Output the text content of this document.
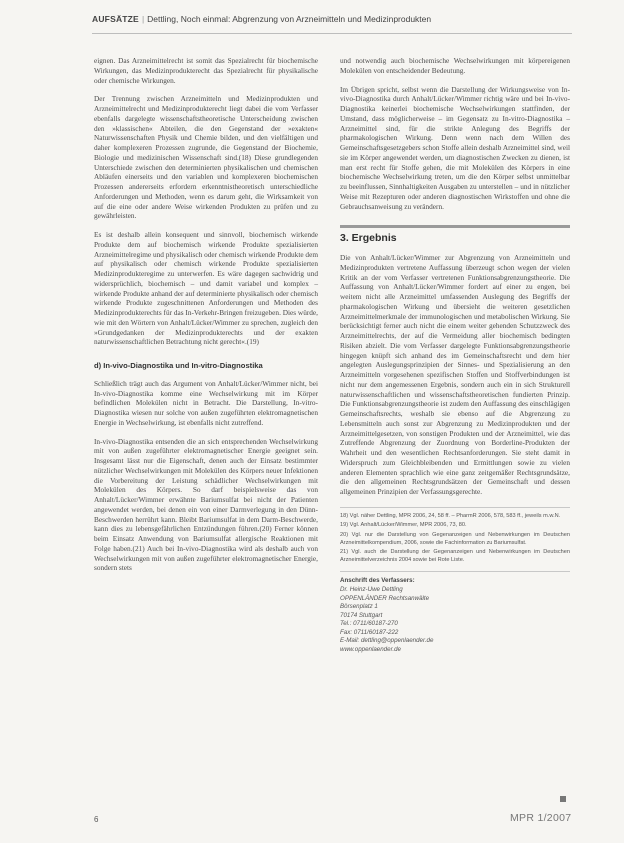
AUFSÄTZE | Dettling, Noch einmal: Abgrenzung von Arzneimitteln und Medizinprodukten

eignen. Das Arzneimittelrecht ist somit das Spezialrecht für biochemische Wirkungen, das Medizinprodukterecht das Spezialrecht für physikalische oder chemische Wirkungen.

Der Trennung zwischen Arzneimitteln und Medizinprodukten und Arzneimittelrecht und Medizinprodukterecht liegt dabei die vom Verfasser ebenfalls dargelegte wissenschaftstheoretische Unterscheidung zwischen den »klassischen« Abteilen, die den Gegenstand der »exakten« Naturwissenschaften Physik und Chemie bilden, und den vielfältigen und daher komplexeren Prozessen zugrunde, die Gegenstand der Biochemie, Biologie und medizinischen Wissenschaft sind.(18) Diese grundlegenden Unterschiede zwischen den determinierten physikalischen und chemischen Abläufen einerseits und den variablen und komplexeren biochemischen Prozessen andererseits erfordern erkenntnistheoretisch unterschiedliche Anforderungen und Methoden, wenn es darum geht, die Wirksamkeit von auf die eine oder andere Weise wirkenden Produkten zu prüfen und zu gewährleisten.

Es ist deshalb allein konsequent und sinnvoll, biochemisch wirkende Produkte dem auf biochemisch wirkende Produkte spezialisierten Arzneimittelregime und physikalisch oder chemisch wirkende Produkte dem auf physikalisch oder chemisch wirkende Produkte spezialisierten Medizinprodukteregime zu unterwerfen. Es wäre dagegen sachwidrig und widersprüchlich, biochemisch – und damit variabel und komplex – wirkende Produkte anhand der auf determinierte physikalisch oder chemisch wirkende Produkte zugeschnittenen Anforderungen und Methoden des Medizinprodukterechts für das In-Verkehr-Bringen freizugeben. Dies würde, wie mit den Wörtern von Anhalt/Lücker/Wimmer zu sprechen, zugleich den »Grundgedanken der Medizinprodukterechts und der exakten naturwissenschaftlichen Betrachtung nicht gerecht«.(19)

d) In-vivo-Diagnostika und In-vitro-Diagnostika

Schließlich trägt auch das Argument von Anhalt/Lücker/Wimmer nicht, bei In-vivo-Diagnostika komme eine Wechselwirkung mit im Körper befindlichen Molekülen nicht in Betracht. Die Darstellung, In-vitro-Diagnostika wiesen nur solche von außen zugeführten elektromagnetischen Energie in Wechselwirkung, ist ebenfalls nicht zutreffend.

In-vivo-Diagnostika entsenden die an sich entsprechenden Wechselwirkung mit von außen zugeführter elektromagnetischer Energie geeignet sein. Insgesamt lässt nur die Eigenschaft, denen auch der Einsatz bestimmter nützlicher Wechselwirkungen mit Molekülen des Körpers neuer Infektionen die Vorbereitung der Leistung schädlicher Wechselwirkungen mit Molekülen des Körpers. So darf beispielsweise das von Anhalt/Lücker/Wimmer erwähnte Bariumsulfat bei nicht der Patienten angewendet werden, bei denen ein von einer Darmverlegung in den Dünn-Beschwerden herrührt kann. Bleibt Bariumsulfat in dem Darm-Beschwerde, kann dies zu lebensgefährlichen Entzündungen führen.(20) Ferner können beim Einsatz Anwendung von Bariumsulfat allergische Reaktionen mit Folge haben.(21) Auch bei In-vivo-Diagnostika wird als deshalb auch von Wechselwirkungen mit von außen zugeführter elektromagnetischer Energie, sondern stets

und notwendig auch biochemische Wechselwirkungen mit körpereigenen Molekülen von entscheidender Bedeutung.

Im Übrigen spricht, selbst wenn die Darstellung der Wirkungsweise von In-vivo-Diagnostika durch Anhalt/Lücker/Wimmer richtig wäre und bei In-vivo-Diagnostika keinerlei biochemische Wechselwirkungen stattfinden, der Umstand, dass möglicherweise – im Gegensatz zu In-vitro-Diagnostika – Arzneimittel sind, für die strikte Anlegung des Begriffs der pharmakologischen Wirkung. Denn wenn nach dem Willen des Gemeinschaftsgesetzgebers schon Stoffe allein deshalb Arzneimittel sind, weil sie im Körper angewendet werden, um diagnostischen Zwecken zu dienen, ist man erst recht für Stoffe gehen, die mit Molekülen des Körpers in eine biochemische Wechselwirkung treten, um die den Körper selbst unmittelbar zu beeinflussen, Sinnhaltigkeiten Ausgaben zu unterstellen – und in nützlicher Weise mit Rezepturen oder anderen diagnostischen Wirkstoffen und ohne die Gebrauchsanweisung zu verändern.

3. Ergebnis

Die von Anhalt/Lücker/Wimmer zur Abgrenzung von Arzneimitteln und Medizinprodukten vertretene Auffassung überzeugt schon wegen der vielen Kritik an der vom Verfasser vertretenen Funktionsabgrenzungstheorie. Die Auffassung von Anhalt/Lücker/Wimmer fordert auf einer zu engen, bei weitem nicht alle Arzneimittel umfassenden Auslegung des Begriffs der pharmakologischen Wirkung und übersieht die weiteren gesetzlichen Arzneimittelmerkmale der immunologischen und metabolischen Wirkung. Sie berücksichtigt ferner auch nicht die einem weiter gehenden Schutzzweck des Arzneimittelrechts, der auf die Vermeidung aller biochemisch bedingten Risiken abzielt. Die vom Verfasser dargelegte Funktionsabgrenzungstheorie hingegen knüpft sich anhand des im Gemeinschaftsrecht und dem hier angelegten Auslegungsprinzipien der Sinnes- und Spezialisierung an den Arzneimitteln vorgesehenen spezifischen Stoffen und Stoffverbindungen ist nicht nur dem angemessenen Ergebnis, sondern auch ein in sich Strukturell naturwissenschaftlichen und wissenschaftstheoretischen fundierten Prinzip. Die Funktionsabgrenzungstheorie ist zudem den Auffassung des einschlägigen Gemeinschaftsrechts, weshalb sie ebenso auf die Abgrenzung zu Lebensmitteln auch sonst zur Abgrenzung zu Medizinprodukten und der Arzneimittelgesetzen, von sonstigen Produkten und der Arzneimittel, wie das Zutreffende Abgrenzung der Zuordnung von Borderline-Produkten der Wahrheit und den wesentlichen Rechtsanforderungen. Sie steht damit in Widerspruch zum Gleichbleibenden und Ermittlungen sowie zu vielen anderen Elementen sprachlich wie eine ganz zeitgemäßer Rechtsgrundsätze, die den allgemeinen Rechtsgrundsätzen der Gemeinschaft und dessen allgemeinen Prinzipien der Verfassungsgerechte.

18) Vgl. näher Dettling, MPR 2006, 24, 58 ff. – PharmR 2006, 578, 583 ff., jeweils m.w.N.
19) Vgl. Anhalt/Lücker/Wimmer, MPR 2006, 73, 80.
20) Vgl. nur die Darstellung von Gegenanzeigen und Nebenwirkungen im Deutschen Arzneimittelkompendium, 2006, sowie die Fachinformation zu Bariumsulfat.
21) Vgl. auch die Darstellung der Gegenanzeigen und Nebenwirkungen im Deutschen Arzneimittelverzeichnis 2004 sowie bei Rote Liste.
Anschrift des Verfassers:
Dr. Heinz-Uwe Dettling
OPPENLÄNDER Rechtsanwälte
Börsenplatz 1
70174 Stuttgart
Tel.: 0711/60187-270
Fax: 0711/60187-222
E-Mail: dettling@oppenlaender.de
www.oppenlaender.de
6	MPR 1/2007
